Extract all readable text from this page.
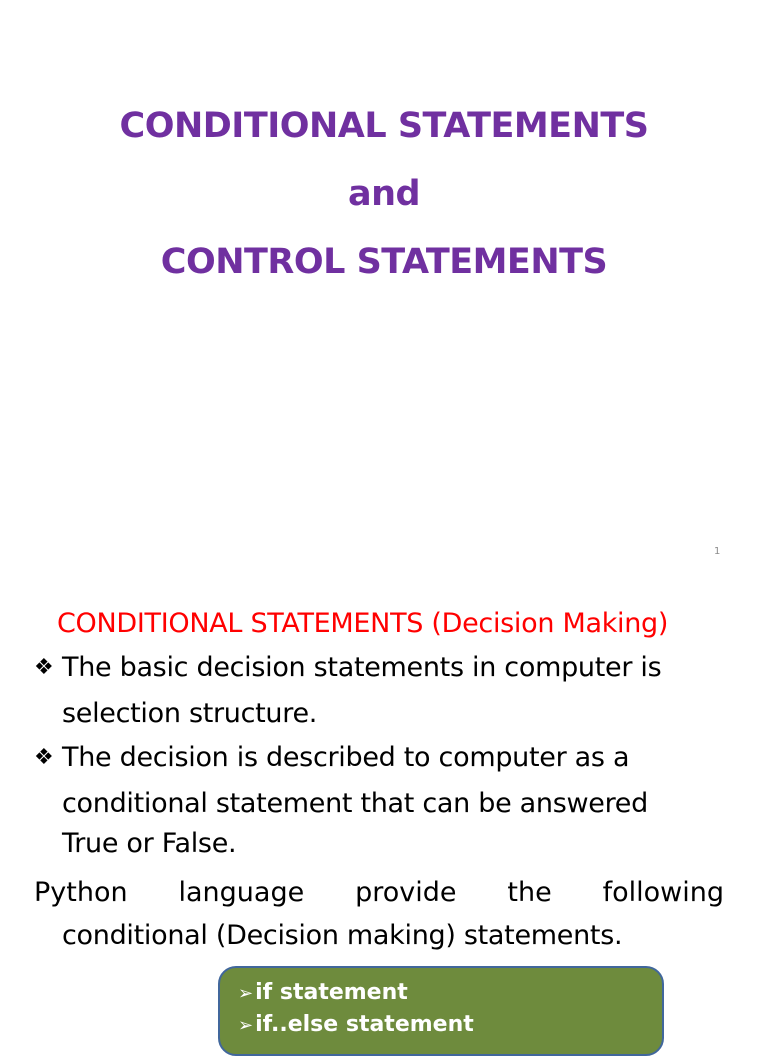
CONDITIONAL STATEMENTS
and
CONTROL STATEMENTS
1
CONDITIONAL STATEMENTS (Decision Making)
❖ The basic decision statements in computer is
selection structure.
❖ The decision is described to computer as a
conditional statement that can be answered
True or False.
Python language provide the following
conditional (Decision making) statements.
➢if statement
➢if..else statement
